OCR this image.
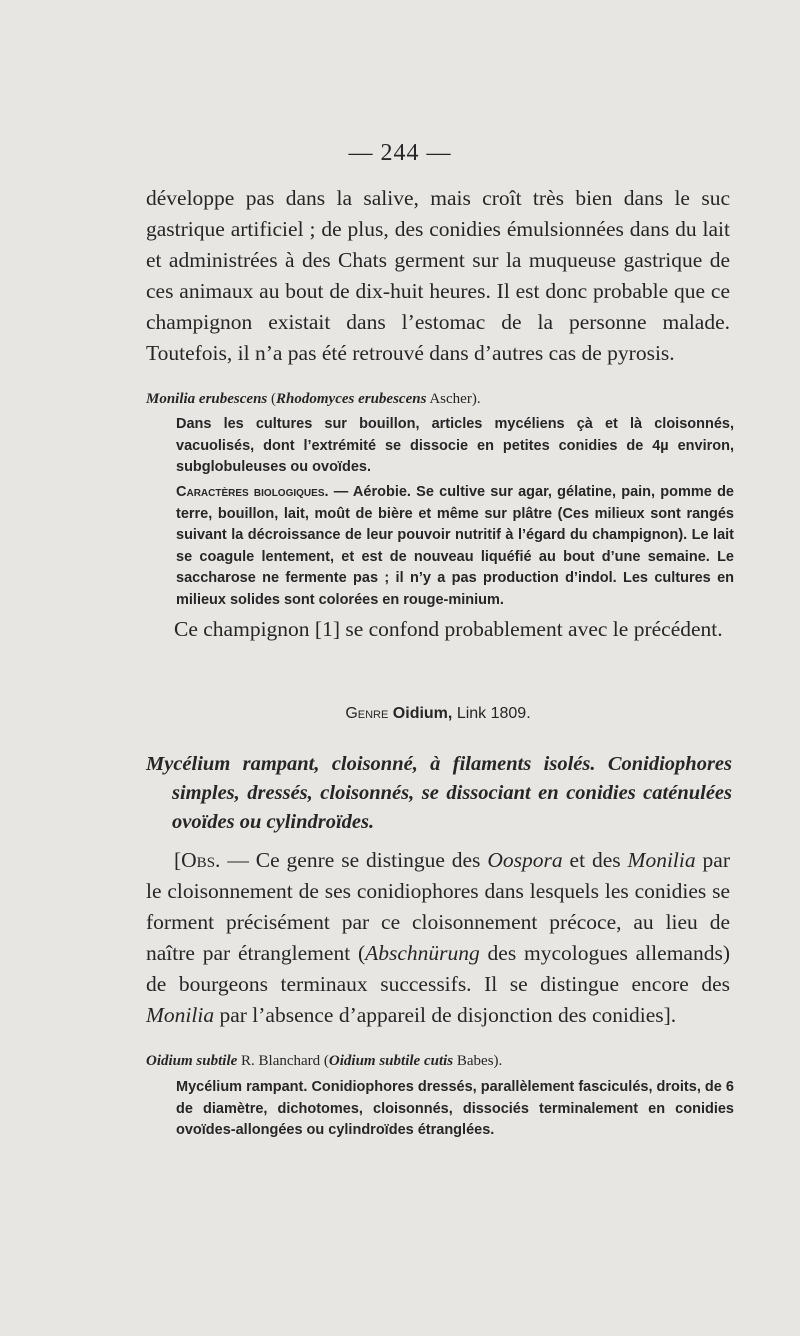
— 244 —

développe pas dans la salive, mais croît très bien dans le suc gastrique artificiel ; de plus, des conidies émulsionnées dans du lait et administrées à des Chats germent sur la muqueuse gastrique de ces animaux au bout de dix-huit heures. Il est donc probable que ce champignon existait dans l’estomac de la personne malade. Toutefois, il n’a pas été retrouvé dans d’autres cas de pyrosis.

Monilia erubescens (Rhodomyces erubescens Ascher).

Dans les cultures sur bouillon, articles mycéliens çà et là cloisonnés, vacuolisés, dont l’extrémité se dissocie en petites conidies de 4µ environ, subglobuleuses ou ovoïdes.

Caractères biologiques. — Aérobie. Se cultive sur agar, gélatine, pain, pomme de terre, bouillon, lait, moût de bière et même sur plâtre (Ces milieux sont rangés suivant la décroissance de leur pouvoir nutritif à l’égard du champignon). Le lait se coagule lentement, et est de nouveau liquéfié au bout d’une semaine. Le saccharose ne fermente pas ; il n’y a pas production d’indol. Les cultures en milieux solides sont colorées en rouge-minium.

Ce champignon [1] se confond probablement avec le précédent.

Genre Oidium, Link 1809.

Mycélium rampant, cloisonné, à filaments isolés. Conidiophores simples, dressés, cloisonnés, se dissociant en conidies caténulées ovoïdes ou cylindroïdes.

[Obs. — Ce genre se distingue des Oospora et des Monilia par le cloisonnement de ses conidiophores dans lesquels les conidies se forment précisément par ce cloisonnement précoce, au lieu de naître par étranglement (Abschnürung des mycologues allemands) de bourgeons terminaux successifs. Il se distingue encore des Monilia par l’absence d’appareil de disjonction des conidies].

Oidium subtile R. Blanchard (Oidium subtile cutis Babes).

Mycélium rampant. Conidiophores dressés, parallèlement fasciculés, droits, de 6 de diamètre, dichotomes, cloisonnés, dissociés terminalement en conidies ovoïdes-allongées ou cylindroïdes étranglées.
